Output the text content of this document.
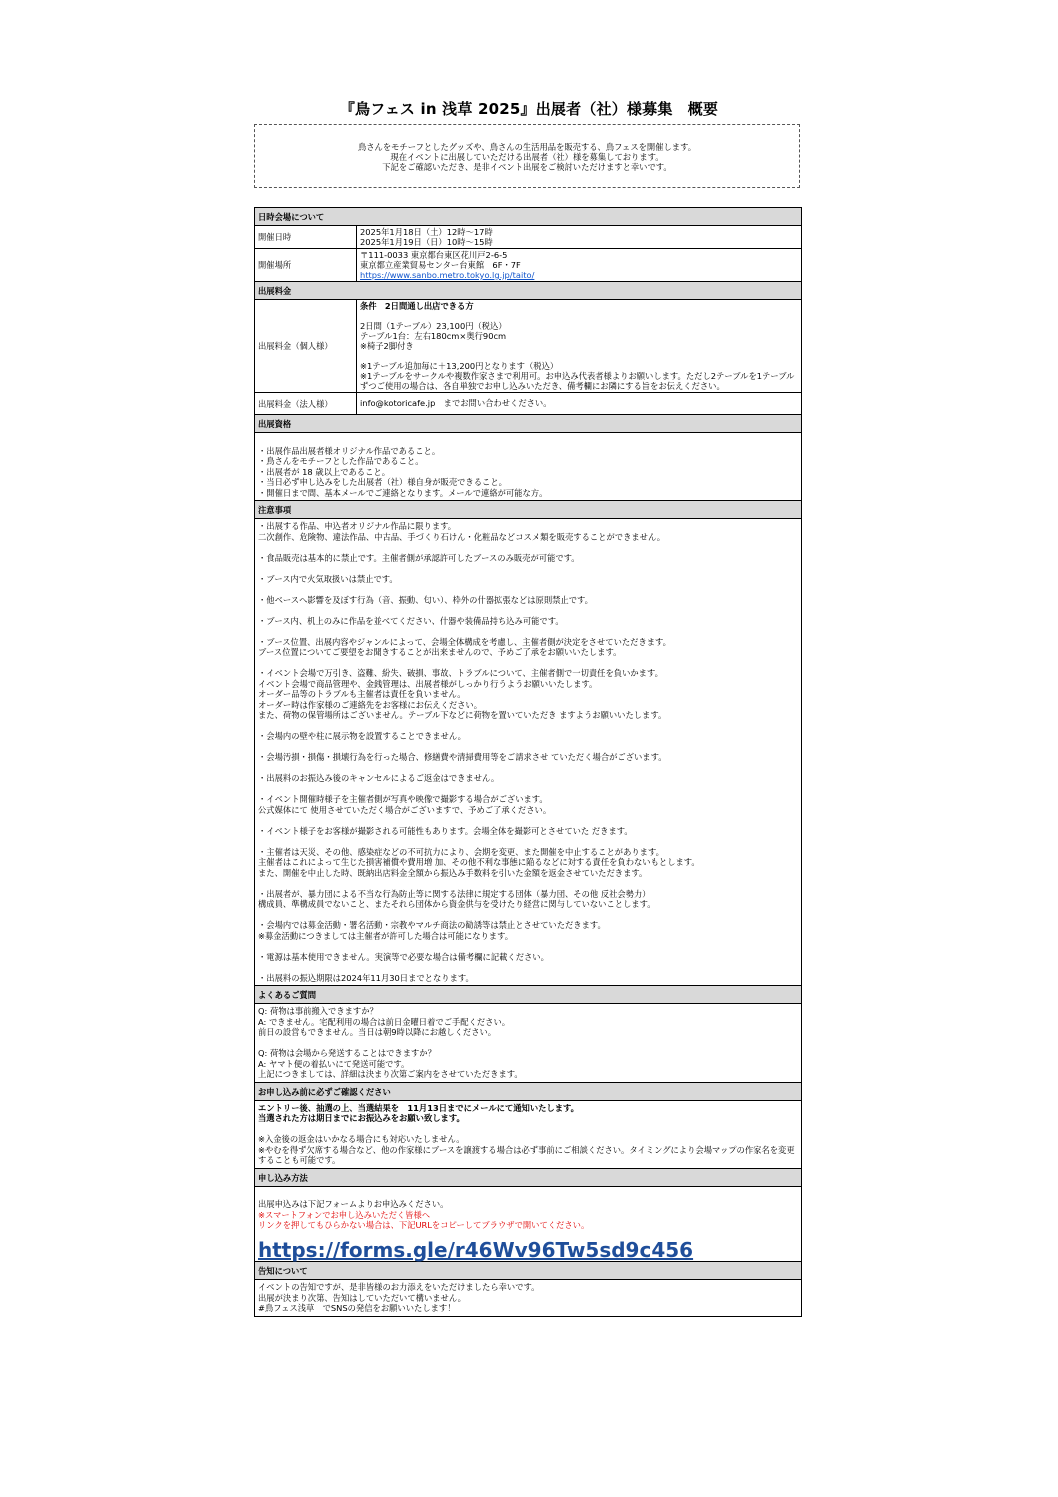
『鳥フェス in 浅草 2025』出展者（社）様募集　概要
鳥さんをモチーフとしたグッズや、鳥さんの生活用品を販売する、鳥フェスを開催します。
現在イベントに出展していただける出展者（社）様を募集しております。
下記をご確認いただき、是非イベント出展をご検討いただけますと幸いです。
日時会場について
開催日時	2025年1月18日（土）12時～17時
2025年1月19日（日）10時～15時
開催場所
〒111-0033 東京都台東区花川戸2-6-5
東京都立産業貿易センター台東館　6F・7F
https://www.sanbo.metro.tokyo.lg.jp/taito/
出展料金
出展料金（個人様）
条件　2日間通し出店できる方
2日間（1テーブル）23,100円（税込）
テーブル1台：左右180cm×奥行90cm
※椅子2脚付き
※1テーブル追加毎に＋13,200円となります（税込）
※1テーブルをサークルや複数作家さまで利用可。お申込み代表者様よりお願いします。ただし2テーブルを1テーブルずつご使用の場合は、各自単独でお申し込みいただき、備考欄にお隣にする旨をお伝えください。
出展料金（法人様）	info@kotoricafe.jp　までお問い合わせください。
出展資格
・出展作品出展者様オリジナル作品であること。
・鳥さんをモチーフとした作品であること。
・出展者が 18 歳以上であること。
・当日必ず申し込みをした出展者（社）様自身が販売できること。
・開催日まで間、基本メールでご連絡となります。メールで連絡が可能な方。
注意事項
・出展する作品、申込者オリジナル作品に限ります。
二次創作、危険物、違法作品、中古品、手づくり石けん・化粧品などコスメ類を販売することができません。
・食品販売は基本的に禁止です。主催者側が承認許可したブースのみ販売が可能です。
・ブース内で火気取扱いは禁止です。
・他ベースへ影響を及ぼす行為（音、振動、匂い）、枠外の什器拡張などは原則禁止です。
・ブース内、机上のみに作品を並べてください、什器や装備品持ち込み可能です。
・ブース位置、出展内容やジャンルによって、会場全体構成を考慮し、主催者側が決定をさせていただきます。
ブース位置についてご要望をお聞きすることが出来ませんので、予めご了承をお願いいたします。
・イベント会場で万引き、盗難、紛失、破損、事故、トラブルについて、主催者側で一切責任を負いかます。
イベント会場で商品管理や、金銭管理は、出展者様がしっかり行うようお願いいたします。
オーダー品等のトラブルも主催者は責任を負いません。
オーダー時は作家様のご連絡先をお客様にお伝えください。
また、荷物の保管場所はございません。テーブル下などに荷物を置いていただき ますようお願いいたします。
・会場内の壁や柱に展示物を設置することできません。
・会場汚損・損傷・損壊行為を行った場合、修繕費や清掃費用等をご請求させ ていただく場合がございます。
・出展料のお振込み後のキャンセルによるご返金はできません。
・イベント開催時様子を主催者側が写真や映像で撮影する場合がございます。
公式媒体にて 使用させていただく場合がございますで、予めご了承ください。
・イベント様子をお客様が撮影される可能性もあります。会場全体を撮影可とさせていた だきます。
・主催者は天災、その他、感染症などの不可抗力により、会期を変更、また開催を中止することがあります。
主催者はこれによって生じた損害補償や費用増 加、その他不利な事態に陥るなどに対する責任を負わないもとします。
また、開催を中止した時、既納出店料金全額から振込み手数料を引いた金額を返金させていただきます。
・出展者が、暴力団による不当な行為防止等に関する法律に規定する団体（暴力団、その他 反社会勢力）
構成員、準構成員でないこと、またそれら団体から資金供与を受けたり経営に関与していないことします。
・会場内では募金活動・署名活動・宗教やマルチ商法の勧誘等は禁止とさせていただきます。
※募金活動につきましては主催者が許可した場合は可能になります。
・電源は基本使用できません。実演等で必要な場合は備考欄に記載ください。
・出展料の振込期限は2024年11月30日までとなります。
よくあるご質問
Q: 荷物は事前搬入できますか？
A: できません。宅配利用の場合は前日金曜日着でご手配ください。
前日の設営もできません。当日は朝9時以降にお越しください。
Q: 荷物は会場から発送することはできますか？
A: ヤマト便の着払いにて発送可能です。
上記につきましては、詳細は決まり次第ご案内をさせていただきます。
お申し込み前に必ずご確認ください
エントリー後、抽選の上、当選結果を　11月13日までにメールにて通知いたします。
当選された方は期日までにお振込みをお願い致します。
※入金後の返金はいかなる場合にも対応いたしません。
※やむを得ず欠席する場合など、他の作家様にブースを譲渡する場合は必ず事前にご相談ください。タイミングにより会場マップの作家名を変更することも可能です。
申し込み方法

出展申込みは下記フォームよりお申込みください。
※スマートフォンでお申し込みいただく皆様へ
リンクを押してもひらかない場合は、下記URLをコピーしてブラウザで開いてください。
https://forms.gle/r46Wv96Tw5sd9c456
告知について
イベントの告知ですが、是非皆様のお力添えをいただけましたら幸いです。
出展が決まり次第、告知はしていただいて構いません。
#鳥フェス浅草　でSNSの発信をお願いいたします！
